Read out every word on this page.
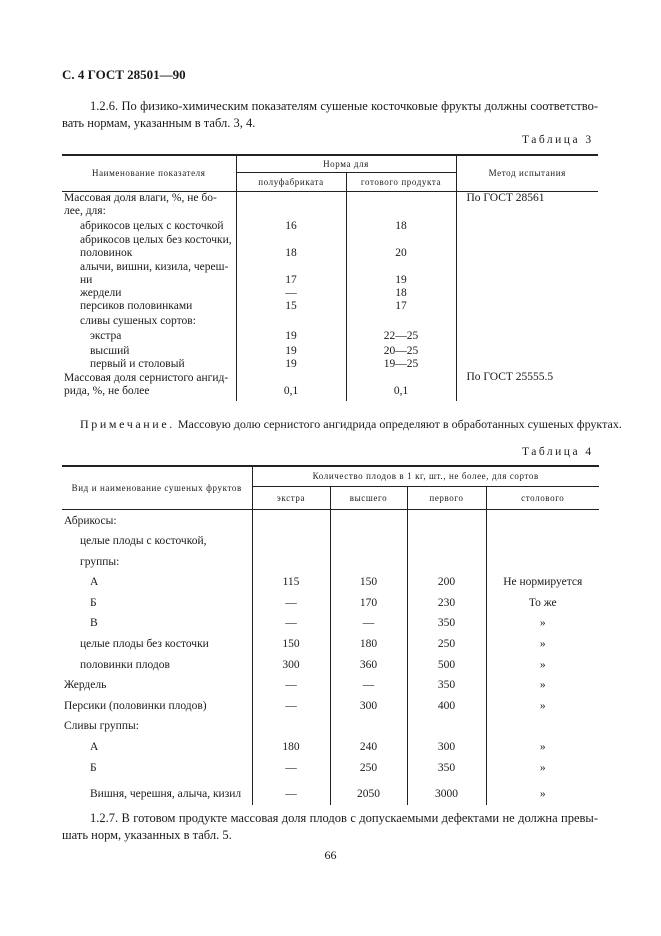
С. 4 ГОСТ 28501—90
1.2.6. По физико-химическим показателям сушеные косточковые фрукты должны соответство-вать нормам, указанным в табл. 3, 4.
Таблица 3
Наименование показателя	Норма для		Метод испытания
	полуфабриката	готового продукта	
Массовая доля влаги, %, не бо-лее, для:			По ГОСТ 28561
абрикосов целых с косточкой	16	18	
абрикосов целых без косточки, половинок	18	20	
алычи, вишни, кизила, череш-ни	17	19	
жердели	—	18	
персиков половинками	15	17	
сливы сушеных сортов:			
экстра	19	22—25	
высший	19	20—25	
первый и столовый	19	19—25	
Массовая доля сернистого ангид-рида, %, не более	0,1	0,1	По ГОСТ 25555.5
Примечание. Массовую долю сернистого ангидрида определяют в обработанных сушеных фруктах.
Таблица 4
Вид и наименование сушеных фруктов	Количество плодов в 1 кг, шт., не более, для сортов			
	экстра	высшего	первого	столового
Абрикосы:				
целые плоды с косточкой,				
группы:				
А	115	150	200	Не нормируется
Б	—	170	230	То же
В	—	—	350	»
целые плоды без косточки	150	180	250	»
половинки плодов	300	360	500	»
Жердель	—	—	350	»
Персики (половинки плодов)	—	300	400	»
Сливы группы:				
А	180	240	300	»
Б	—	250	350	»
Вишня, черешня, алыча, кизил	—	2050	3000	»
1.2.7. В готовом продукте массовая доля плодов с допускаемыми дефектами не должна превы-шать норм, указанных в табл. 5.
66
